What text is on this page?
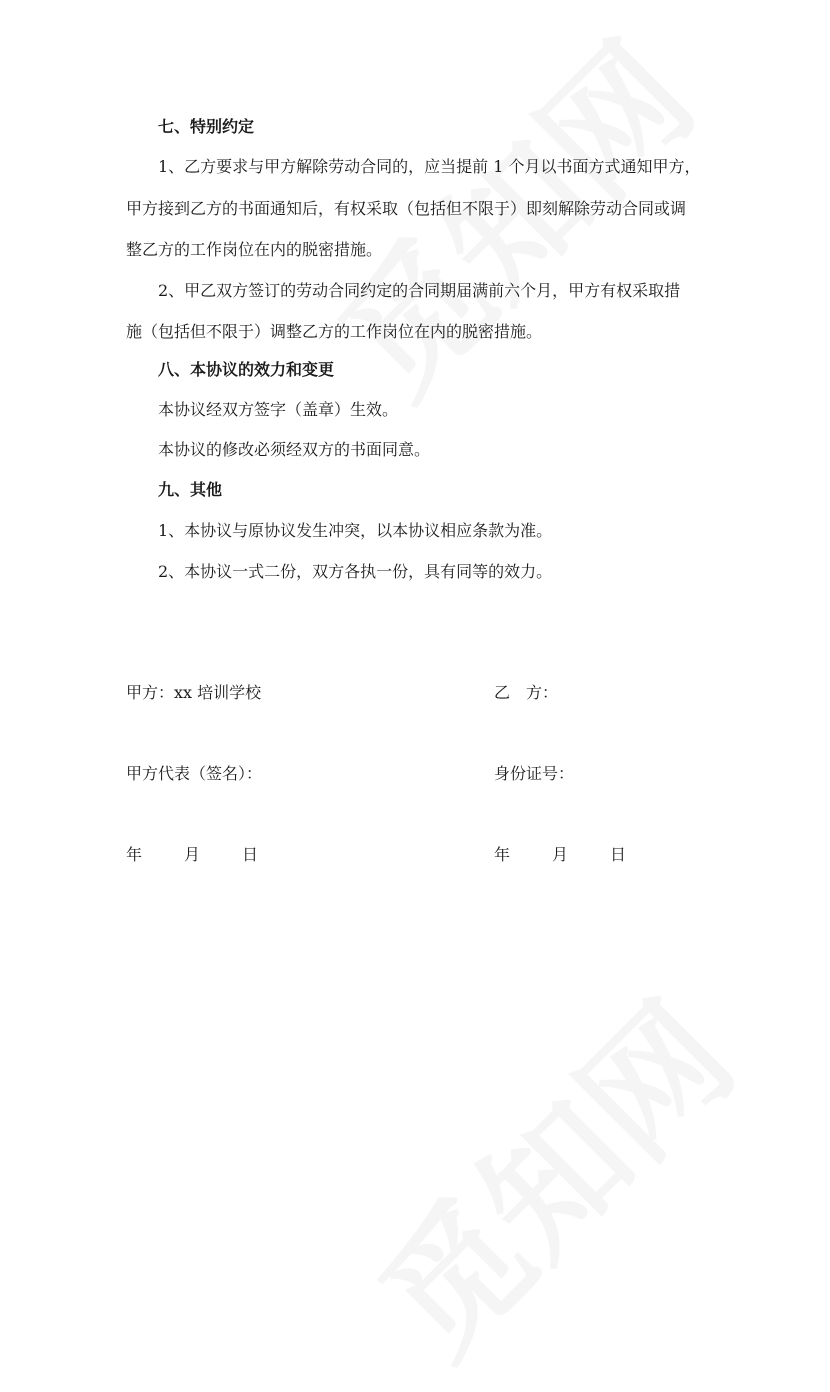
七、特别约定
1、乙方要求与甲方解除劳动合同的，应当提前 1 个月以书面方式通知甲方，
甲方接到乙方的书面通知后，有权采取（包括但不限于）即刻解除劳动合同或调
整乙方的工作岗位在内的脱密措施。
2、甲乙双方签订的劳动合同约定的合同期届满前六个月，甲方有权采取措
施（包括但不限于）调整乙方的工作岗位在内的脱密措施。
八、本协议的效力和变更
本协议经双方签字（盖章）生效。
本协议的修改必须经双方的书面同意。
九、其他
1、本协议与原协议发生冲突，以本协议相应条款为准。
2、本协议一式二份，双方各执一份，具有同等的效力。
甲方：xx 培训学校	乙　方：
甲方代表（签名）：	身份证号：
年	月	日	年	月	日
